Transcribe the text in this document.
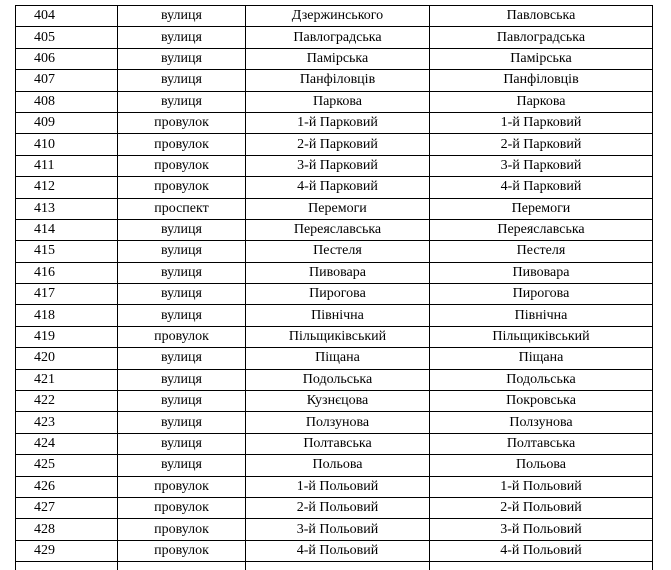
404	вулиця	Дзержинського	Павловська
405	вулиця	Павлоградська	Павлоградська
406	вулиця	Памірська	Памірська
407	вулиця	Панфіловців	Панфіловців
408	вулиця	Паркова	Паркова
409	провулок	1-й Парковий	1-й Парковий
410	провулок	2-й Парковий	2-й Парковий
411	провулок	3-й Парковий	3-й Парковий
412	провулок	4-й Парковий	4-й Парковий
413	проспект	Перемоги	Перемоги
414	вулиця	Переяславська	Переяславська
415	вулиця	Пестеля	Пестеля
416	вулиця	Пивовара	Пивовара
417	вулиця	Пирогова	Пирогова
418	вулиця	Північна	Північна
419	провулок	Пільщиківський	Пільщиківський
420	вулиця	Піщана	Піщана
421	вулиця	Подольська	Подольська
422	вулиця	Кузнєцова	Покровська
423	вулиця	Ползунова	Ползунова
424	вулиця	Полтавська	Полтавська
425	вулиця	Польова	Польова
426	провулок	1-й Польовий	1-й Польовий
427	провулок	2-й Польовий	2-й Польовий
428	провулок	3-й Польовий	3-й Польовий
429	провулок	4-й Польовий	4-й Польовий
